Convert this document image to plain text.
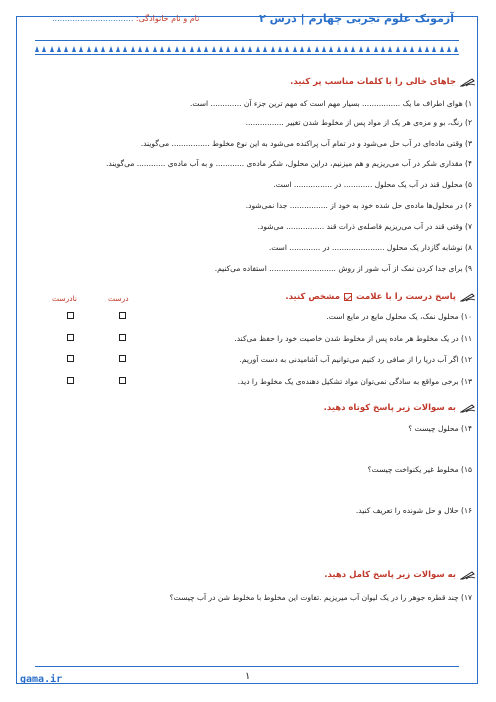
آزمونک علوم تجربی چهارم | درس ۲
نام و نام خانوادگی: ................................
جاهای خالی را با کلمات مناسب پر کنید.
۱) هوای اطراف ما یک ................ بسیار مهم است که مهم ترین جزء آن ............. است.
۲) رنگ، بو و مزه‌ی هر یک از مواد پس از مخلوط شدن تغییر ................
۳) وقتی ماده‌ای در آب حل می‌شود و در تمام آب پراکنده می‌شود به این نوع مخلوط ................ می‌گویند.
۴) مقداری شکر در آب می‌ریزیم و هم میزنیم، دراین محلول، شکر ماده‌ی ............ و به آب ماده‌ی ............ می‌گویند.
۵) محلول قند در آب یک محلول ............ در ................ است.
۶) در محلول‌ها ماده‌ی حل شده خود به خود از ................ جدا نمی‌شود.
۷) وقتی قند در آب می‌ریزیم فاصله‌ی ذرات قند ................ می‌شود.
۸) نوشابه گازدار یک محلول ...................... در ............. است.
۹) برای جدا کردن نمک از آب شور از روش ............................ استفاده می‌کنیم.
پاسخ درست را با علامت
مشخص کنید.
درست
نادرست
۱۰) محلول نمک، یک محلول مایع در مایع است.
۱۱) در یک مخلوط هر ماده پس از مخلوط شدن خاصیت خود را حفظ می‌کند.
۱۲) اگر آب دریا را از صافی رد کنیم می‌توانیم آب آشامیدنی به دست آوریم.
۱۳) برخی مواقع به سادگی نمی‌توان مواد تشکیل دهنده‌ی یک مخلوط را دید.
به سوالات زیر پاسخ کوتاه دهید.
۱۴) محلول چیست ؟
۱۵) مخلوط غیر یکنواخت چیست؟
۱۶) حلال و حل شونده را تعریف کنید.
به سوالات زیر پاسخ کامل دهید.
۱۷) چند قطره جوهر را در یک لیوان آب میریزیم .تفاوت این مخلوط با مخلوط شن در آب چیست؟
gama.ir	۱
